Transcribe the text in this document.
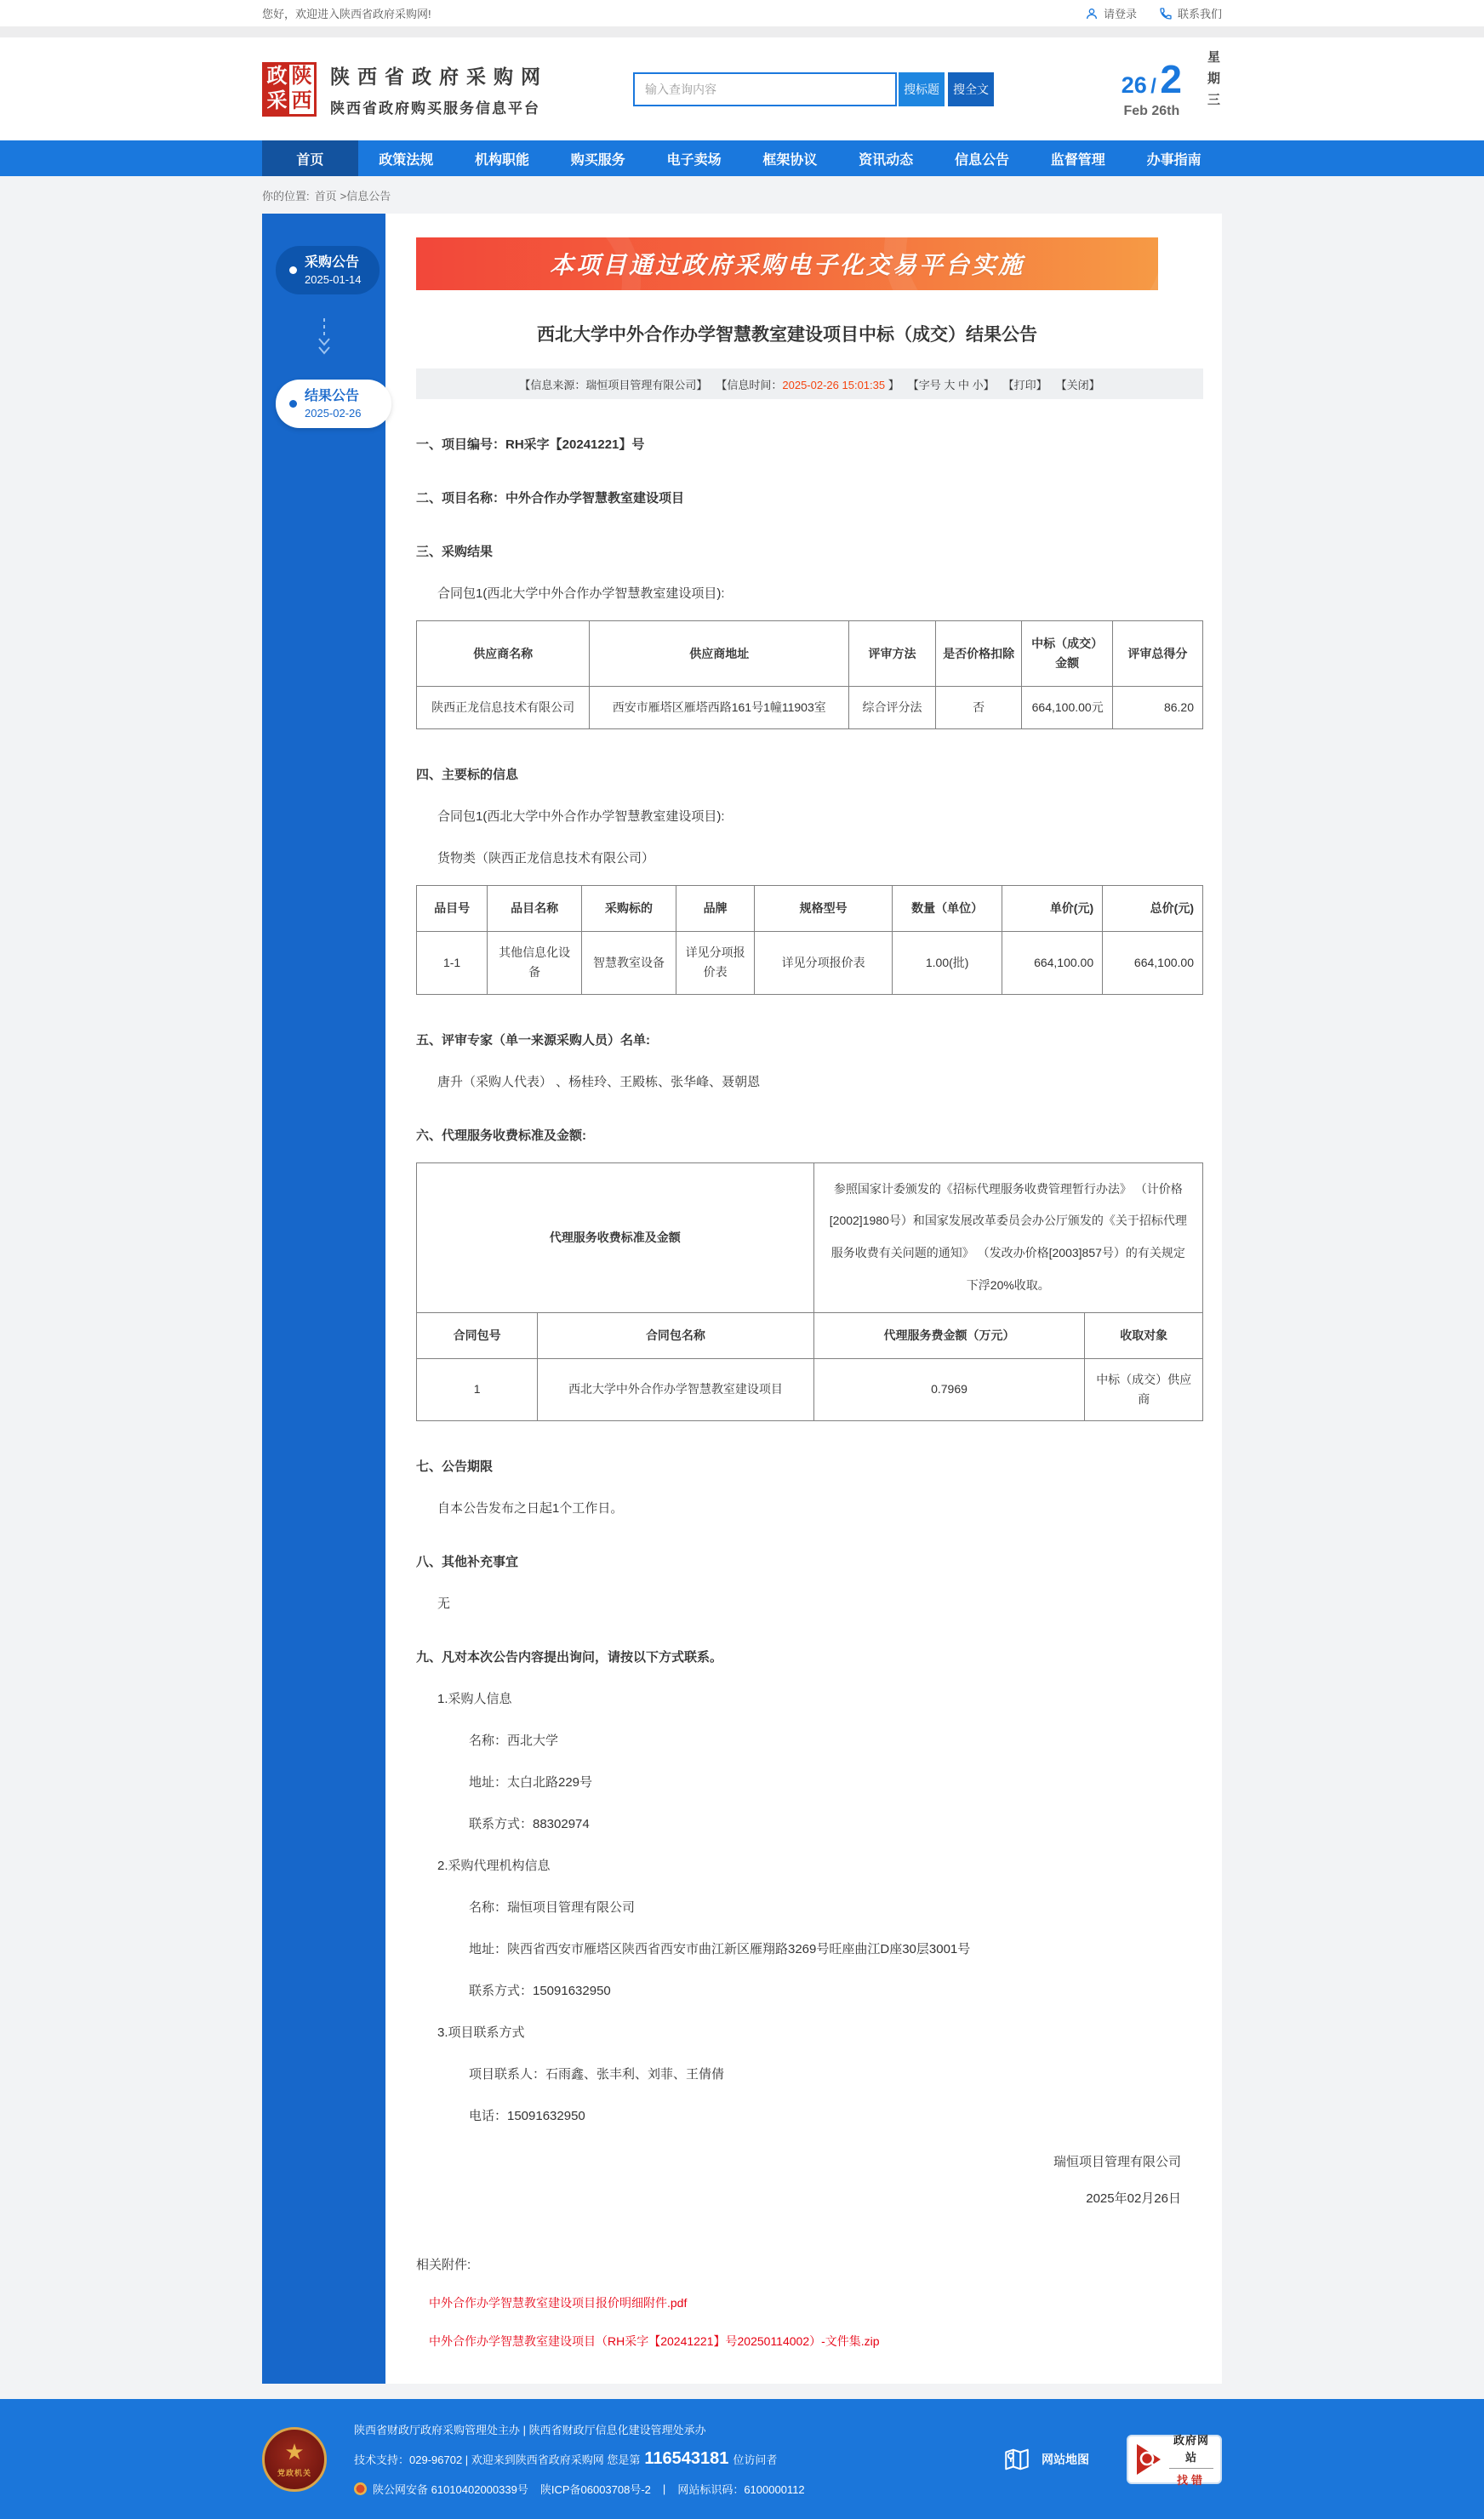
您好，欢迎进入陕西省政府采购网!	请登录	联系我们
政
采
陕
西
陕西省政府采购网
陕西省政府购买服务信息平台
输入查询内容
搜标题	搜全文	26 / 2
Feb 26th 星期三
首页	政策法规	机构职能	购买服务	电子卖场	框架协议	资讯动态	信息公告	监督管理	办事指南
你的位置: 首页 >信息公告
采购公告
2025-01-14
结果公告
2025-02-26
本项目通过政府采购电子化交易平台实施
西北大学中外合作办学智慧教室建设项目中标（成交）结果公告
【信息来源：瑞恒项目管理有限公司】 【信息时间：2025-02-26 15:01:35 】 【字号 大 中 小】 【打印】 【关闭】
一、项目编号：RH采字【20241221】号
二、项目名称：中外合作办学智慧教室建设项目
三、采购结果

合同包1(西北大学中外合作办学智慧教室建设项目):

供应商名称	供应商地址	评审方法	是否价格扣除	中标（成交）金额	评审总得分
陕西正龙信息技术有限公司	西安市雁塔区雁塔西路161号1幢11903室	综合评分法	否	664,100.00元	86.20
四、主要标的信息

合同包1(西北大学中外合作办学智慧教室建设项目):

货物类（陕西正龙信息技术有限公司）

品目号	品目名称	采购标的	品牌	规格型号	数量（单位）	单价(元)	总价(元)
1-1	其他信息化设备	智慧教室设备	详见分项报价表	详见分项报价表	1.00(批)	664,100.00	664,100.00
五、评审专家（单一来源采购人员）名单:

唐升（采购人代表） 、杨桂玲、王殿栋、张华峰、聂朝恩

六、代理服务收费标准及金额:
代理服务收费标准及金额		参照国家计委颁发的《招标代理服务收费管理暂行办法》 （计价格[2002]1980号）和国家发展改革委员会办公厅颁发的《关于招标代理服务收费有关问题的通知》 （发改办价格[2003]857号）的有关规定下浮20%收取。	
合同包号	合同包名称	代理服务费金额（万元）	收取对象
1	西北大学中外合作办学智慧教室建设项目	0.7969	中标（成交）供应商
七、公告期限

自本公告发布之日起1个工作日。

八、其他补充事宜

无

九、凡对本次公告内容提出询问，请按以下方式联系。

1.采购人信息

名称：西北大学

地址：太白北路229号

联系方式：88302974

2.采购代理机构信息

名称：瑞恒项目管理有限公司

地址：陕西省西安市雁塔区陕西省西安市曲江新区雁翔路3269号旺座曲江D座30层3001号

联系方式：15091632950

3.项目联系方式

项目联系人：石雨鑫、张丰利、刘菲、王倩倩

电话：15091632950

瑞恒项目管理有限公司
2025年02月26日
相关附件:
中外合作办学智慧教室建设项目报价明细附件.pdf
中外合作办学智慧教室建设项目（RH采字【20241221】号20250114002）-文件集.zip
★
党政机关
陕西省财政厅政府采购管理处主办 | 陕西省财政厅信息化建设管理处承办
技术支持：029-96702 | 欢迎来到陕西省政府采购网 您是第 116543181 位访问者
陕公网安备 61010402000339号 陕ICP备06003708号-2 | 网站标识码：6100000112
网站地图
政府网站
找错
